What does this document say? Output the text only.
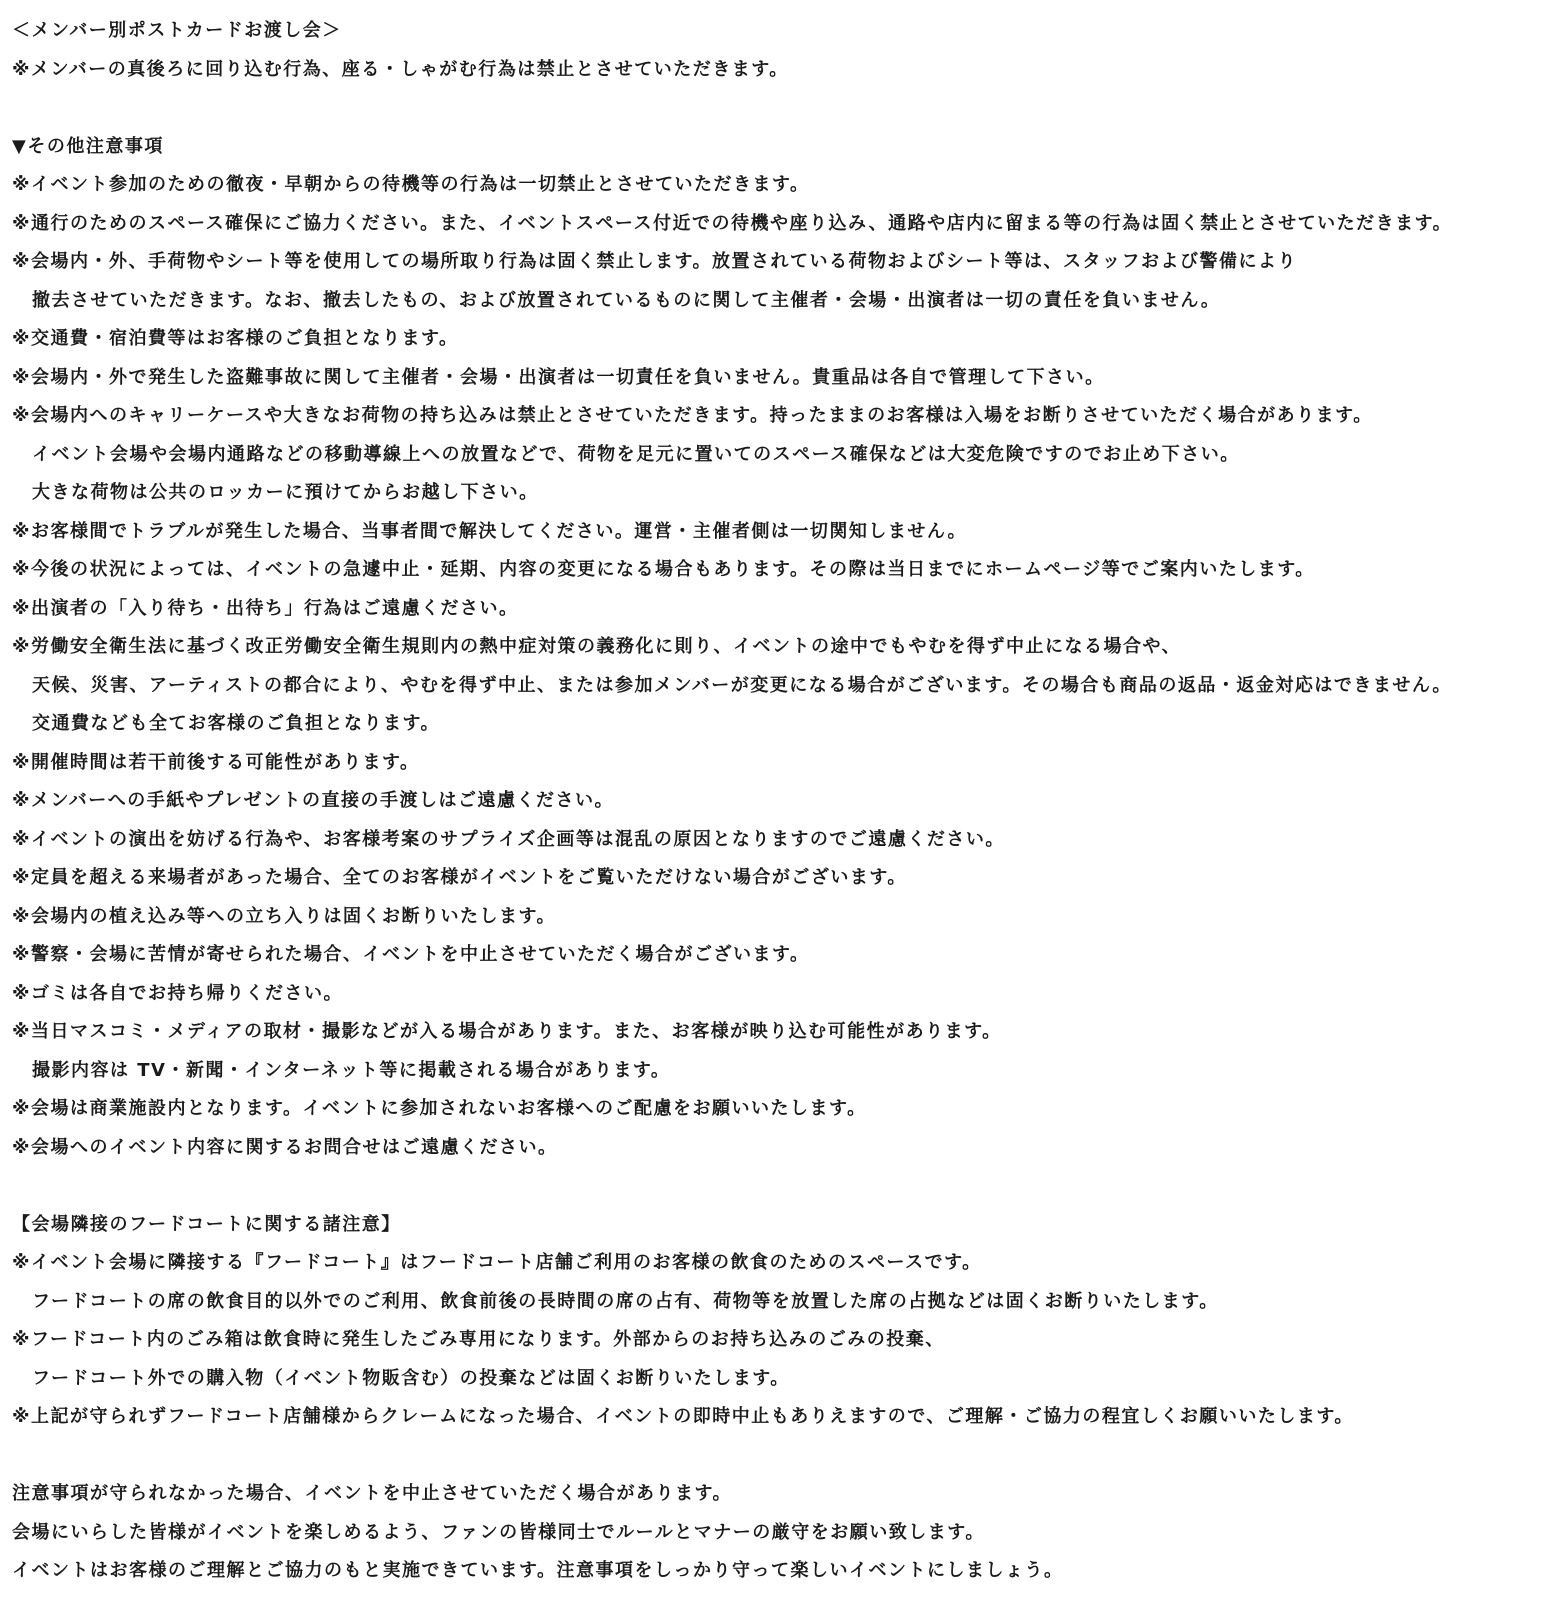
＜メンバー別ポストカードお渡し会＞
※メンバーの真後ろに回り込む行為、座る・しゃがむ行為は禁止とさせていただきます。
▼その他注意事項
※イベント参加のための徹夜・早朝からの待機等の行為は一切禁止とさせていただきます。
※通行のためのスペース確保にご協力ください。また、イベントスペース付近での待機や座り込み、通路や店内に留まる等の行為は固く禁止とさせていただきます。
※会場内・外、手荷物やシート等を使用しての場所取り行為は固く禁止します。放置されている荷物およびシート等は、スタッフおよび警備により
撤去させていただきます。なお、撤去したもの、および放置されているものに関して主催者・会場・出演者は一切の責任を負いません。
※交通費・宿泊費等はお客様のご負担となります。
※会場内・外で発生した盗難事故に関して主催者・会場・出演者は一切責任を負いません。貴重品は各自で管理して下さい。
※会場内へのキャリーケースや大きなお荷物の持ち込みは禁止とさせていただきます。持ったままのお客様は入場をお断りさせていただく場合があります。
イベント会場や会場内通路などの移動導線上への放置などで、荷物を足元に置いてのスペース確保などは大変危険ですのでお止め下さい。
大きな荷物は公共のロッカーに預けてからお越し下さい。
※お客様間でトラブルが発生した場合、当事者間で解決してください。運営・主催者側は一切関知しません。
※今後の状況によっては、イベントの急遽中止・延期、内容の変更になる場合もあります。その際は当日までにホームページ等でご案内いたします。
※出演者の「入り待ち・出待ち」行為はご遠慮ください。
※労働安全衛生法に基づく改正労働安全衛生規則内の熱中症対策の義務化に則り、イベントの途中でもやむを得ず中止になる場合や、
天候、災害、アーティストの都合により、やむを得ず中止、または参加メンバーが変更になる場合がございます。その場合も商品の返品・返金対応はできません。
交通費なども全てお客様のご負担となります。
※開催時間は若干前後する可能性があります。
※メンバーへの手紙やプレゼントの直接の手渡しはご遠慮ください。
※イベントの演出を妨げる行為や、お客様考案のサプライズ企画等は混乱の原因となりますのでご遠慮ください。
※定員を超える来場者があった場合、全てのお客様がイベントをご覧いただけない場合がございます。
※会場内の植え込み等への立ち入りは固くお断りいたします。
※警察・会場に苦情が寄せられた場合、イベントを中止させていただく場合がございます。
※ゴミは各自でお持ち帰りください。
※当日マスコミ・メディアの取材・撮影などが入る場合があります。また、お客様が映り込む可能性があります。
撮影内容は TV・新聞・インターネット等に掲載される場合があります。
※会場は商業施設内となります。イベントに参加されないお客様へのご配慮をお願いいたします。
※会場へのイベント内容に関するお問合せはご遠慮ください。
【会場隣接のフードコートに関する諸注意】
※イベント会場に隣接する『フードコート』はフードコート店舗ご利用のお客様の飲食のためのスペースです。
フードコートの席の飲食目的以外でのご利用、飲食前後の長時間の席の占有、荷物等を放置した席の占拠などは固くお断りいたします。
※フードコート内のごみ箱は飲食時に発生したごみ専用になります。外部からのお持ち込みのごみの投棄、
フードコート外での購入物（イベント物販含む）の投棄などは固くお断りいたします。
※上記が守られずフードコート店舗様からクレームになった場合、イベントの即時中止もありえますので、ご理解・ご協力の程宜しくお願いいたします。
注意事項が守られなかった場合、イベントを中止させていただく場合があります。
会場にいらした皆様がイベントを楽しめるよう、ファンの皆様同士でルールとマナーの厳守をお願い致します。
イベントはお客様のご理解とご協力のもと実施できています。注意事項をしっかり守って楽しいイベントにしましょう。
